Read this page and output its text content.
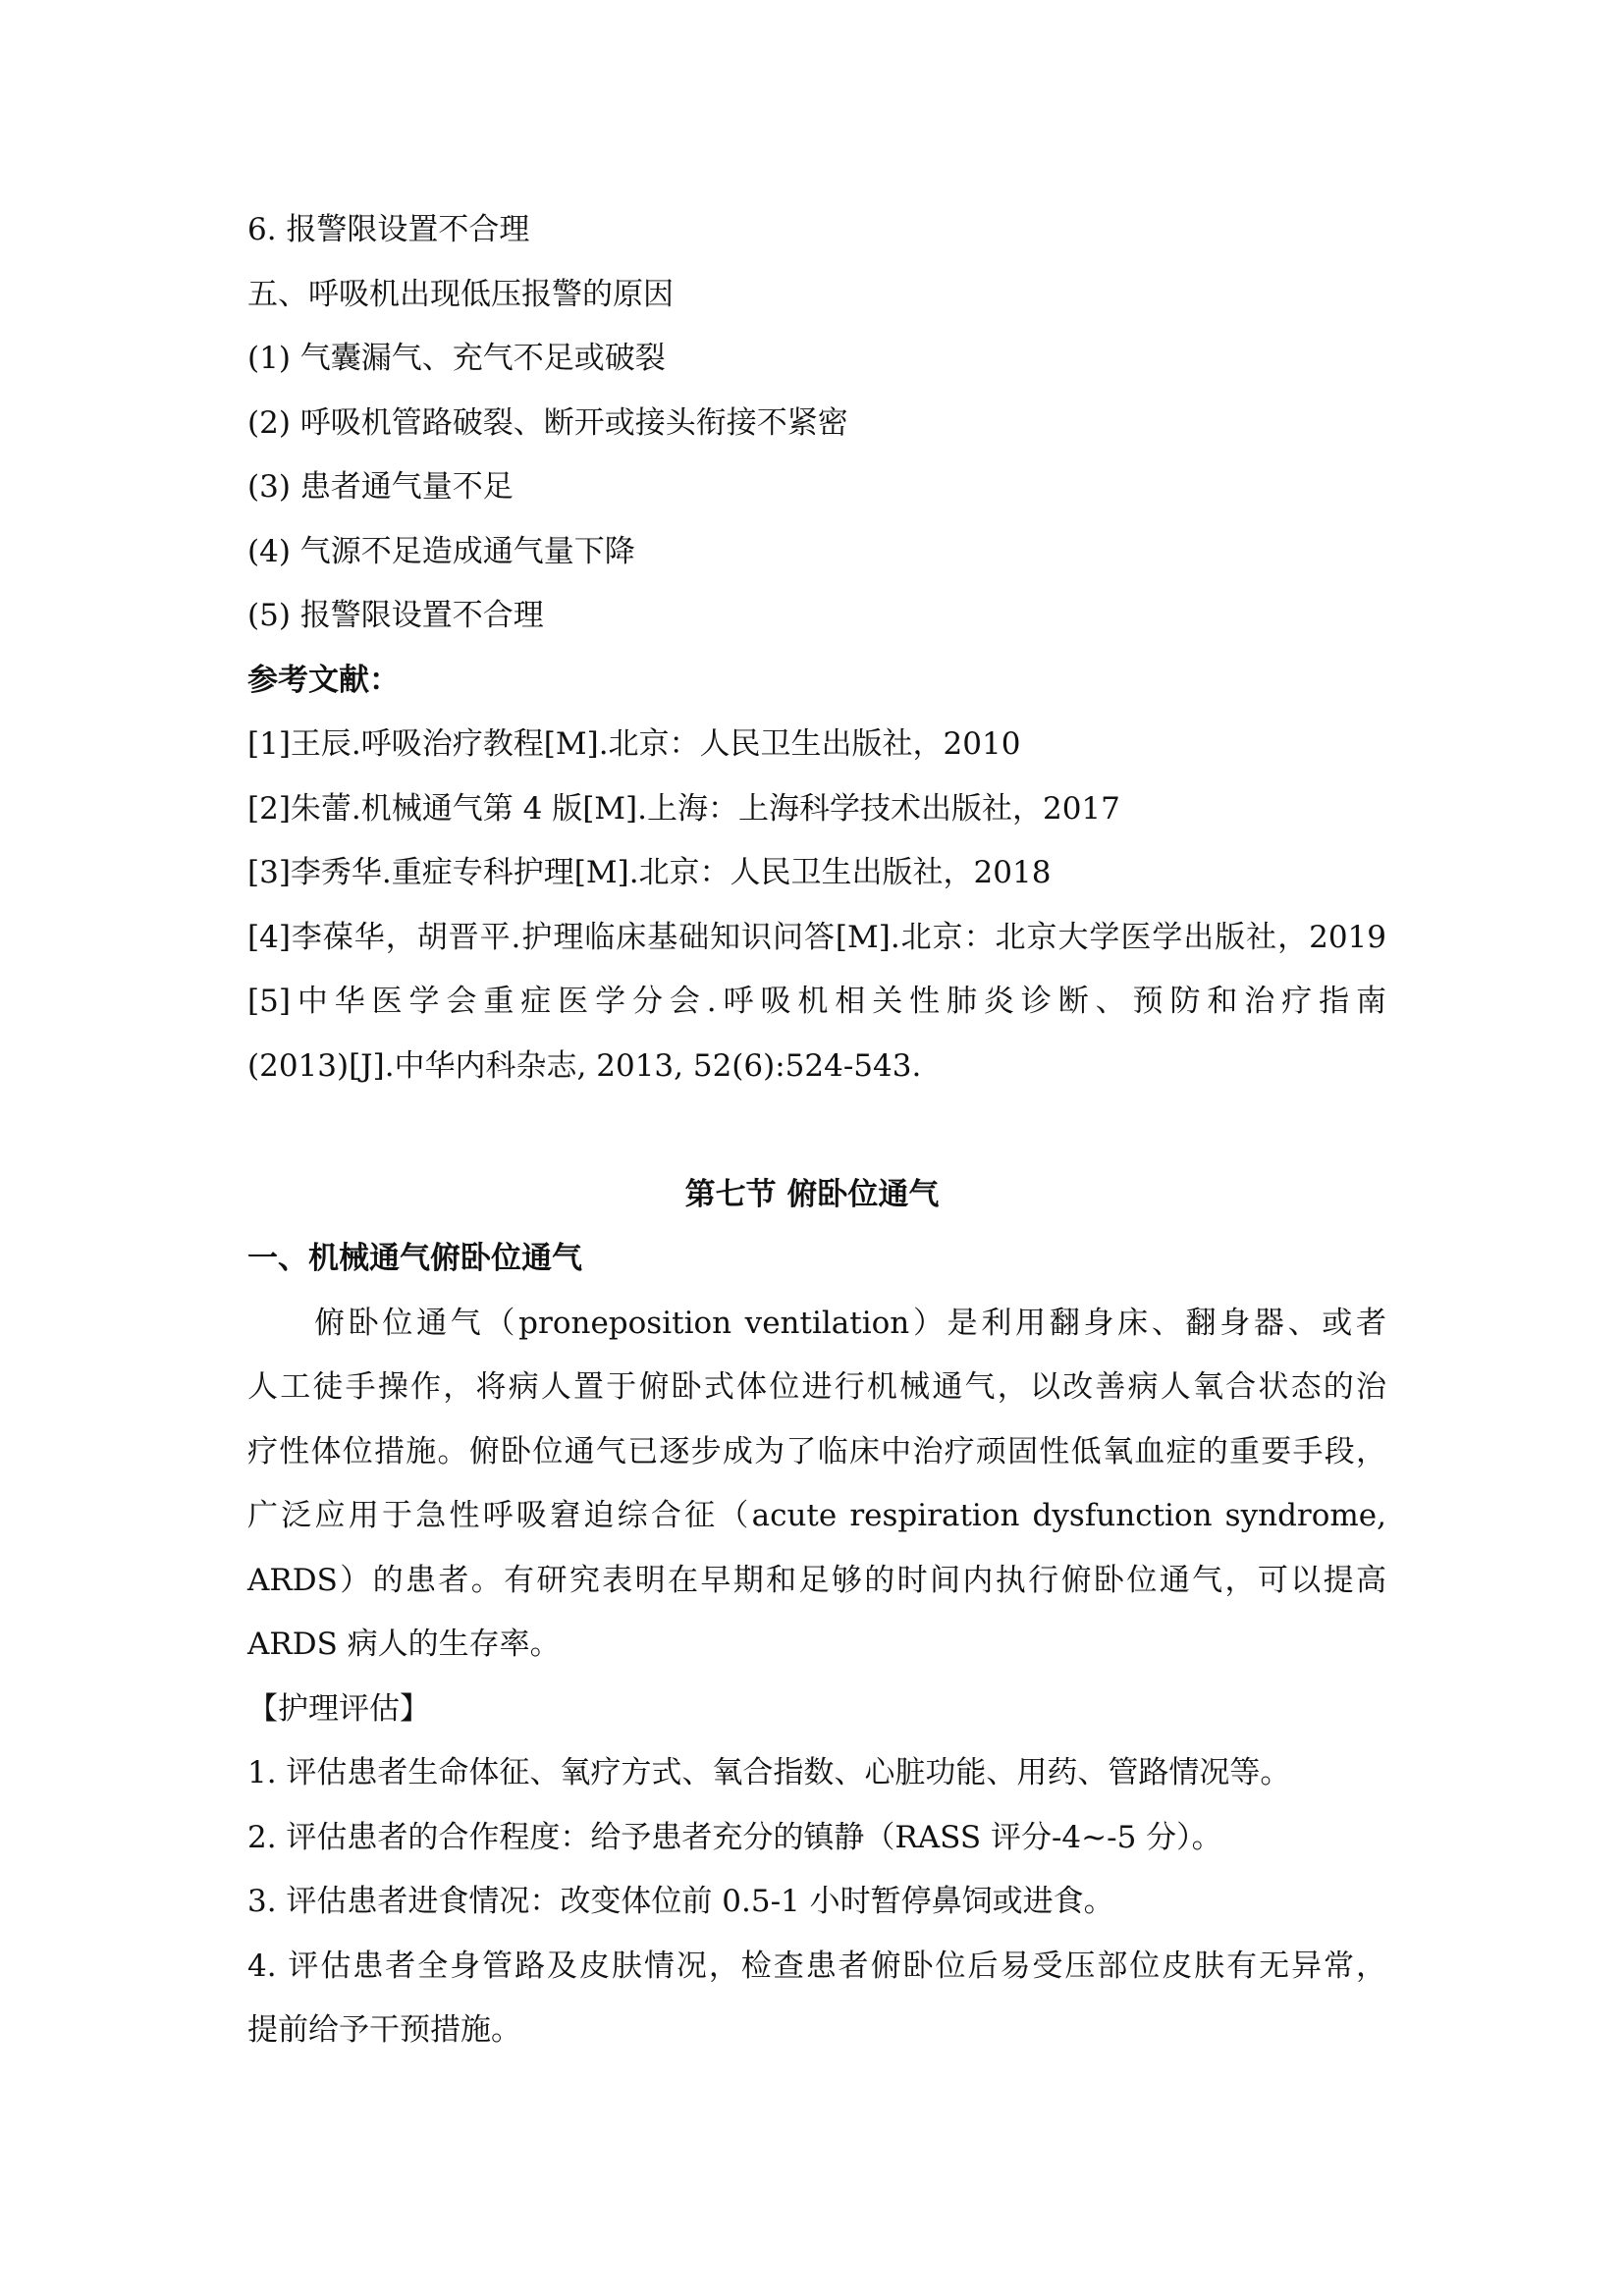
6. 报警限设置不合理
五、呼吸机出现低压报警的原因
(1) 气囊漏气、充气不足或破裂
(2) 呼吸机管路破裂、断开或接头衔接不紧密
(3) 患者通气量不足
(4) 气源不足造成通气量下降
(5) 报警限设置不合理
参考文献：
[1]王辰.呼吸治疗教程[M].北京：人民卫生出版社，2010
[2]朱蕾.机械通气第 4 版[M].上海：上海科学技术出版社，2017
[3]李秀华.重症专科护理[M].北京：人民卫生出版社，2018
[4]李葆华，胡晋平.护理临床基础知识问答[M].北京：北京大学医学出版社，2019
[5]中华医学会重症医学分会.呼吸机相关性肺炎诊断、预防和治疗指南
(2013)[J].中华内科杂志, 2013, 52(6):524-543.
第七节 俯卧位通气
一、机械通气俯卧位通气
俯卧位通气（proneposition ventilation）是利用翻身床、翻身器、或者
人工徒手操作，将病人置于俯卧式体位进行机械通气，以改善病人氧合状态的治
疗性体位措施。俯卧位通气已逐步成为了临床中治疗顽固性低氧血症的重要手段，
广泛应用于急性呼吸窘迫综合征（acute respiration dysfunction syndrome,
ARDS）的患者。有研究表明在早期和足够的时间内执行俯卧位通气，可以提高
ARDS 病人的生存率。
【护理评估】
1. 评估患者生命体征、氧疗方式、氧合指数、心脏功能、用药、管路情况等。
2. 评估患者的合作程度：给予患者充分的镇静（RASS 评分-4~-5 分）。
3. 评估患者进食情况：改变体位前 0.5-1 小时暂停鼻饲或进食。
4. 评估患者全身管路及皮肤情况，检查患者俯卧位后易受压部位皮肤有无异常，
提前给予干预措施。
